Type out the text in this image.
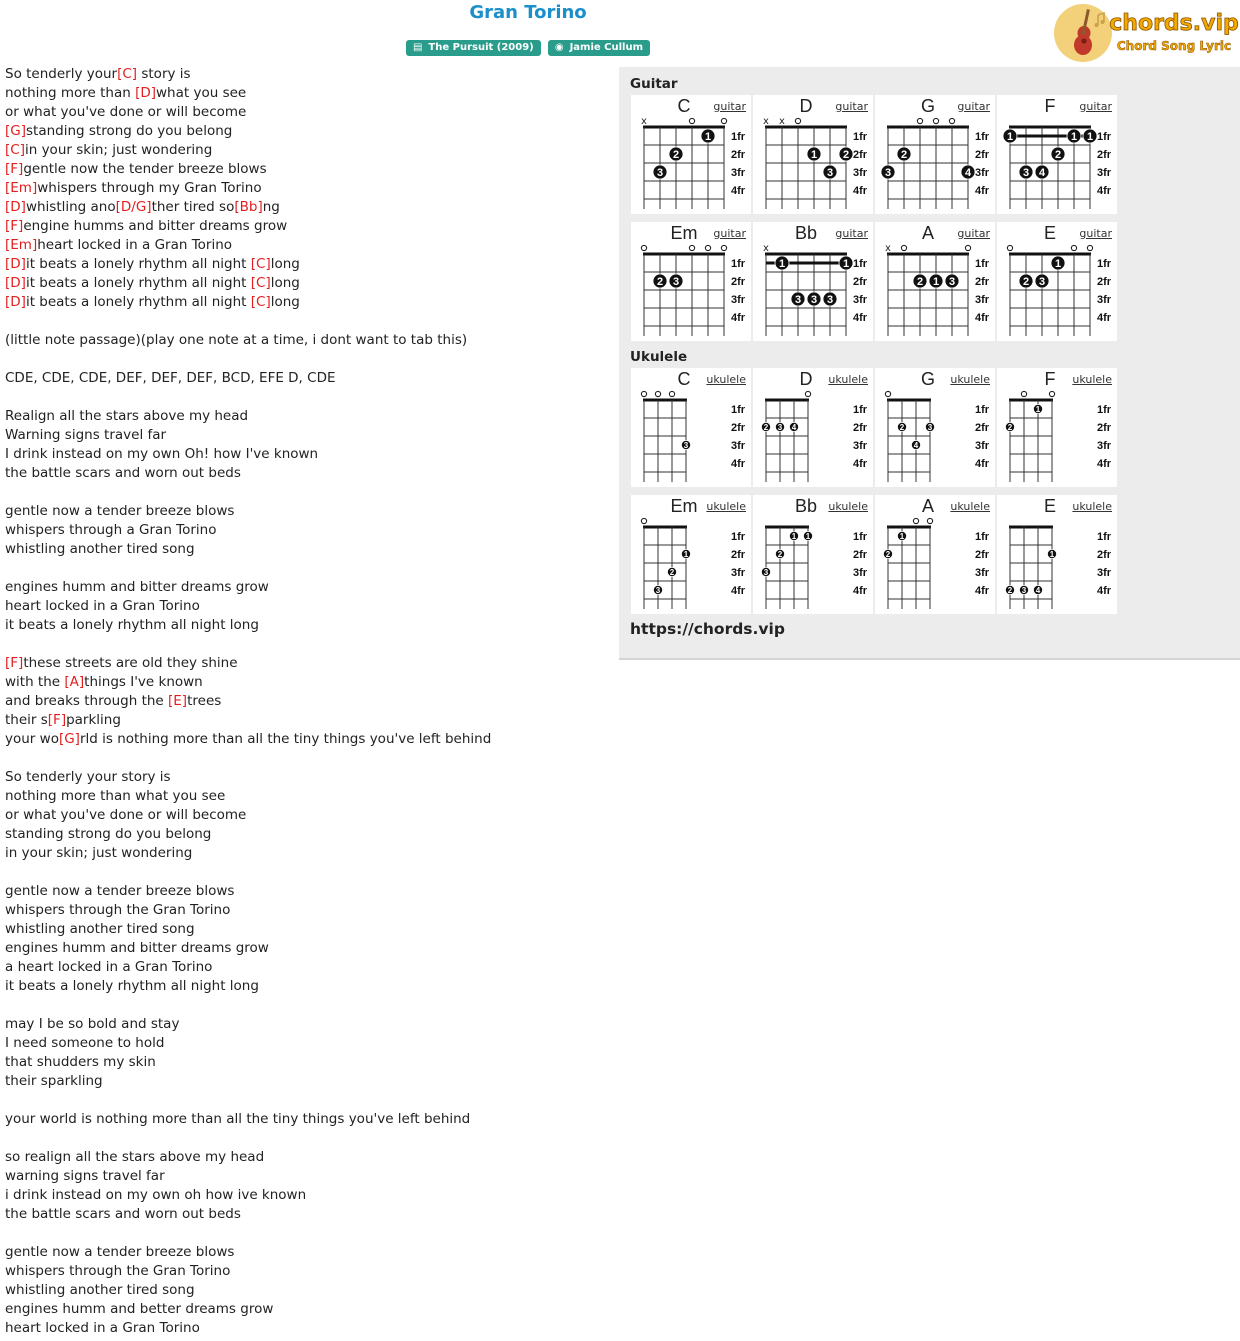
Gran Torino
▤ The Pursuit (2009) ◉ Jamie Cullum
chords.vip
Chord Song Lyric
So tenderly your[C] story is
nothing more than [D]what you see
or what you've done or will become
[G]standing strong do you belong
[C]in your skin; just wondering
[F]gentle now the tender breeze blows
[Em]whispers through my Gran Torino
[D]whistling ano[D/G]ther tired so[Bb]ng
[F]engine humms and bitter dreams grow
[Em]heart locked in a Gran Torino
[D]it beats a lonely rhythm all night [C]long
[D]it beats a lonely rhythm all night [C]long
[D]it beats a lonely rhythm all night [C]long
(little note passage)(play one note at a time, i dont want to tab this)
CDE, CDE, CDE, DEF, DEF, DEF, BCD, EFE D, CDE
Realign all the stars above my head
Warning signs travel far
I drink instead on my own Oh! how I've known
the battle scars and worn out beds
gentle now a tender breeze blows
whispers through a Gran Torino
whistling another tired song
engines humm and bitter dreams grow
heart locked in a Gran Torino
it beats a lonely rhythm all night long
[F]these streets are old they shine
with the [A]things I've known
and breaks through the [E]trees
their s[F]parkling
your wo[G]rld is nothing more than all the tiny things you've left behind
So tenderly your story is
nothing more than what you see
or what you've done or will become
standing strong do you belong
in your skin; just wondering
gentle now a tender breeze blows
whispers through the Gran Torino
whistling another tired song
engines humm and bitter dreams grow
a heart locked in a Gran Torino
it beats a lonely rhythm all night long
may I be so bold and stay
I need someone to hold
that shudders my skin
their sparkling
your world is nothing more than all the tiny things you've left behind
so realign all the stars above my head
warning signs travel far
i drink instead on my own oh how ive known
the battle scars and worn out beds
gentle now a tender breeze blows
whispers through the Gran Torino
whistling another tired song
engines humm and better dreams grow
heart locked in a Gran Torino
Guitar
C	guitar
1fr
2fr
3fr
4fr
x
3
2
1
D	guitar
1fr
2fr
3fr
4fr
x x
1
3
2
G	guitar
1fr
2fr
3fr
4fr
3
2
4
F	guitar
1fr
2fr
3fr
4fr
1	1 1
2
3 4
Em	guitar
1fr
2fr
3fr
4fr
2 3
Bb	guitar
1fr
2fr
3fr
4fr
x
1	1
3 3 3
A	guitar
1fr
2fr
3fr
4fr
x
2 1 3
E	guitar
1fr
2fr
3fr
4fr
2 3
1
Ukulele
C	ukulele
1fr
2fr
3fr
4fr
3
D	ukulele
1fr
2fr
3fr
4fr
2 3 4
G	ukulele
1fr
2fr
3fr
4fr
2	3
4
F	ukulele
1fr
2fr
3fr
4fr
2
1
Em ukulele
1fr
2fr
3fr
4fr
1
2
3
Bb	ukulele
1fr
2fr
3fr
4fr
1 1
2
3
A	ukulele
1fr
2fr
3fr
4fr
2
1
E	ukulele
1fr
2fr
3fr
4fr
1
2 3 4
https://chords.vip
